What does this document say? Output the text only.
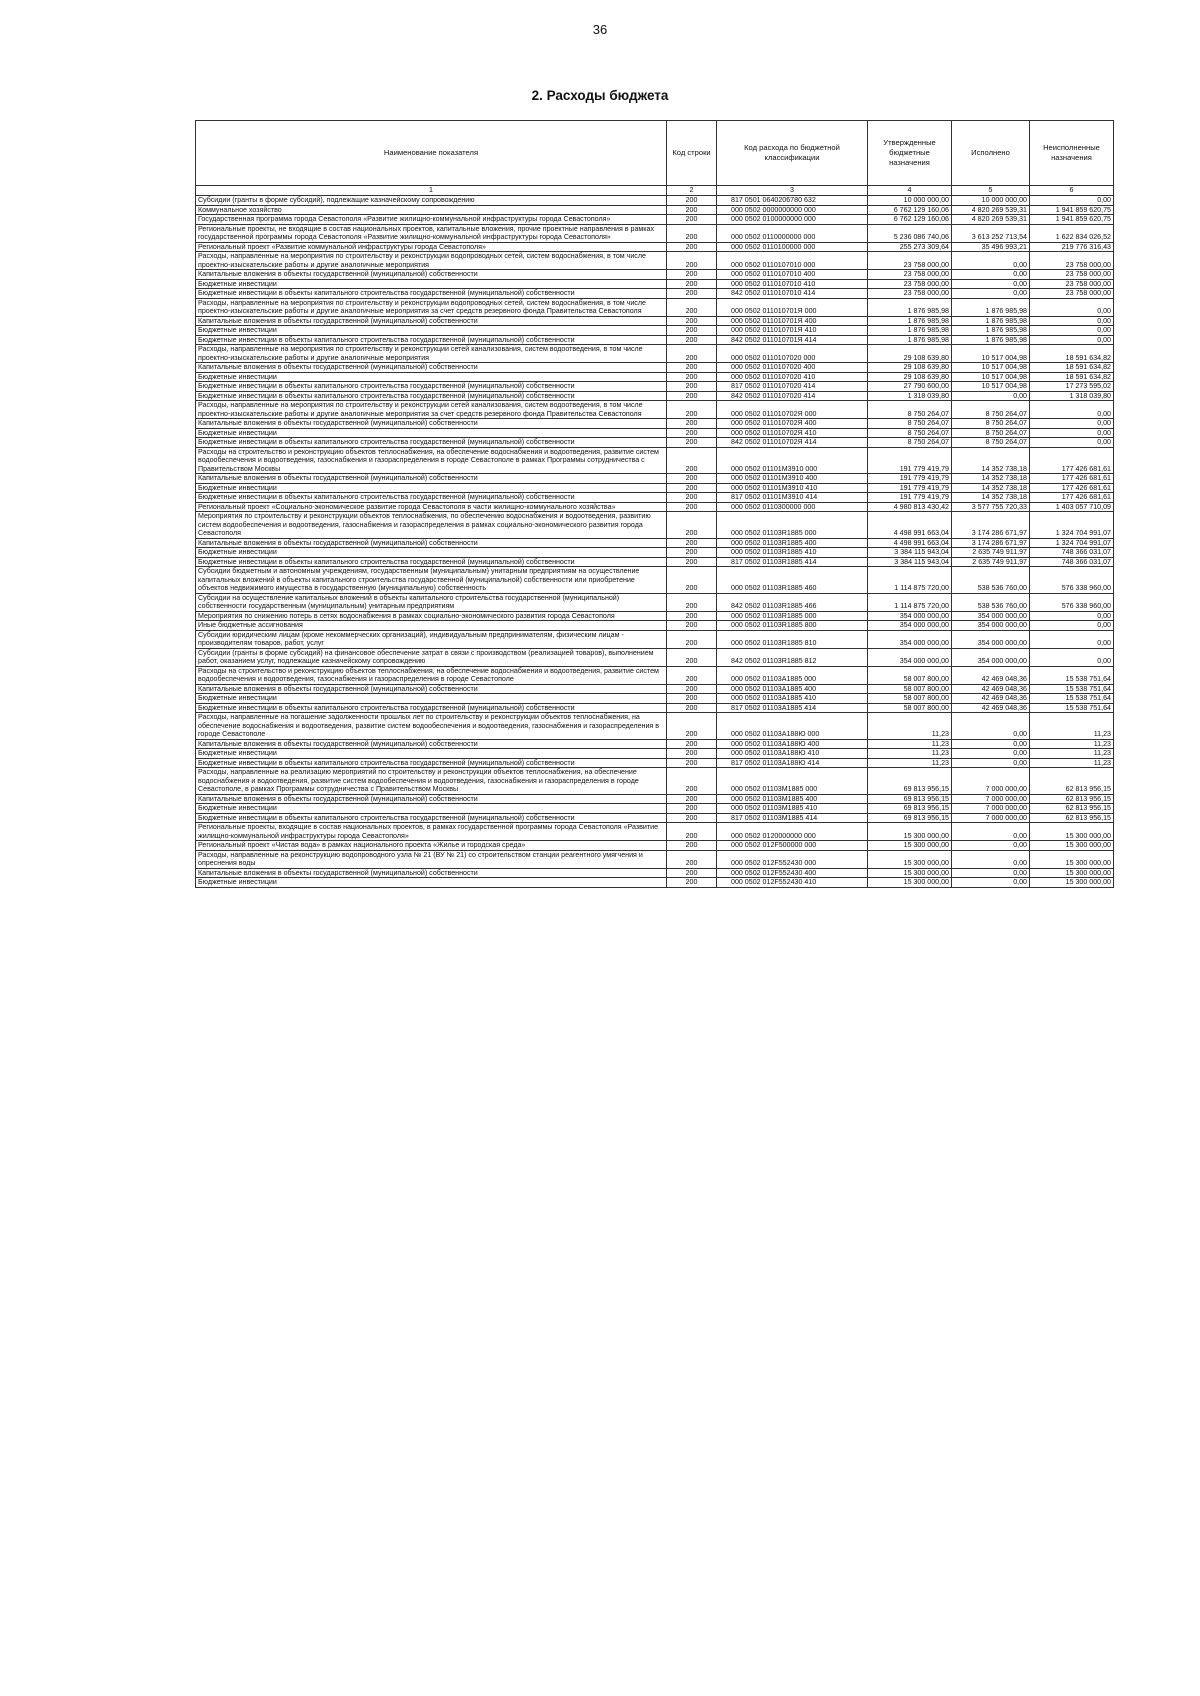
36
2. Расходы бюджета
Наименование показателя	Код строки	Код расхода по бюджетной классификации	Утвержденные бюджетные назначения	Исполнено	Неисполненные назначения
1	2	3	4	5	6
Субсидии (гранты в форме субсидий), подлежащие казначейскому сопровождению	200	817 0501 0640206780 632	10 000 000,00	10 000 000,00	0,00
Коммунальное хозяйство	200	000 0502 0000000000 000	6 762 129 160,06	4 820 269 539,31	1 941 859 620,75
Государственная программа города Севастополя «Развитие жилищно-коммунальной инфраструктуры города Севастополя»	200	000 0502 0100000000 000	6 762 129 160,06	4 820 269 539,31	1 941 859 620,75
Региональные проекты, не входящие в состав национальных проектов, капитальные вложения, прочие проектные направления в рамках государственной программы города Севастополя «Развитие жилищно-коммунальной инфраструктуры города Севастополя»	200	000 0502 0110000000 000	5 236 086 740,06	3 613 252 713,54	1 622 834 026,52
Региональный проект «Развитие коммунальной инфраструктуры города Севастополя»	200	000 0502 0110100000 000	255 273 309,64	35 496 993,21	219 776 316,43
Расходы, направленные на мероприятия по строительству и реконструкции водопроводных сетей, систем водоснабжения, в том числе проектно-изыскательские работы и другие аналогичные мероприятия	200	000 0502 0110107010 000	23 758 000,00	0,00	23 758 000,00
Капитальные вложения в объекты государственной (муниципальной) собственности	200	000 0502 0110107010 400	23 758 000,00	0,00	23 758 000,00
Бюджетные инвестиции	200	000 0502 0110107010 410	23 758 000,00	0,00	23 758 000,00
Бюджетные инвестиции в объекты капитального строительства государственной (муниципальной) собственности	200	842 0502 0110107010 414	23 758 000,00	0,00	23 758 000,00
Расходы, направленные на мероприятия по строительству и реконструкции водопроводных сетей, систем водоснабжения, в том числе проектно-изыскательские работы и другие аналогичные мероприятия за счет средств резервного фонда Правительства Севастополя	200	000 0502 011010701Я 000	1 876 985,98	1 876 985,98	0,00
Капитальные вложения в объекты государственной (муниципальной) собственности	200	000 0502 011010701Я 400	1 876 985,98	1 876 985,98	0,00
Бюджетные инвестиции	200	000 0502 011010701Я 410	1 876 985,98	1 876 985,98	0,00
Бюджетные инвестиции в объекты капитального строительства государственной (муниципальной) собственности	200	842 0502 011010701Я 414	1 876 985,98	1 876 985,98	0,00
Расходы, направленные на мероприятия по строительству и реконструкции сетей канализования, систем водоотведения, в том числе проектно-изыскательские работы и другие аналогичные мероприятия	200	000 0502 0110107020 000	29 108 639,80	10 517 004,98	18 591 634,82
Капитальные вложения в объекты государственной (муниципальной) собственности	200	000 0502 0110107020 400	29 108 639,80	10 517 004,98	18 591 634,82
Бюджетные инвестиции	200	000 0502 0110107020 410	29 108 639,80	10 517 004,98	18 591 634,82
Бюджетные инвестиции в объекты капитального строительства государственной (муниципальной) собственности	200	817 0502 0110107020 414	27 790 600,00	10 517 004,98	17 273 595,02
Бюджетные инвестиции в объекты капитального строительства государственной (муниципальной) собственности	200	842 0502 0110107020 414	1 318 039,80	0,00	1 318 039,80
Расходы, направленные на мероприятия по строительству и реконструкции сетей канализования, систем водоотведения, в том числе проектно-изыскательские работы и другие аналогичные мероприятия за счет средств резервного фонда Правительства Севастополя	200	000 0502 011010702Я 000	8 750 264,07	8 750 264,07	0,00
Капитальные вложения в объекты государственной (муниципальной) собственности	200	000 0502 011010702Я 400	8 750 264,07	8 750 264,07	0,00
Бюджетные инвестиции	200	000 0502 011010702Я 410	8 750 264,07	8 750 264,07	0,00
Бюджетные инвестиции в объекты капитального строительства государственной (муниципальной) собственности	200	842 0502 011010702Я 414	8 750 264,07	8 750 264,07	0,00
Расходы на строительство и реконструкцию объектов теплоснабжения, на обеспечение водоснабжения и водоотведения, развитие систем водообеспечения и водоотведения, газоснабжения и газораспределения в городе Севастополе в рамках Программы сотрудничества с Правительством Москвы	200	000 0502 01101М3910 000	191 779 419,79	14 352 738,18	177 426 681,61
Капитальные вложения в объекты государственной (муниципальной) собственности	200	000 0502 01101М3910 400	191 779 419,79	14 352 738,18	177 426 681,61
Бюджетные инвестиции	200	000 0502 01101М3910 410	191 779 419,79	14 352 738,18	177 426 681,61
Бюджетные инвестиции в объекты капитального строительства государственной (муниципальной) собственности	200	817 0502 01101М3910 414	191 779 419,79	14 352 738,18	177 426 681,61
Региональный проект «Социально-экономическое развитие города Севастополя в части жилищно-коммунального хозяйства»	200	000 0502 0110300000 000	4 980 813 430,42	3 577 755 720,33	1 403 057 710,09
Мероприятия по строительству и реконструкции объектов теплоснабжения, по обеспечению водоснабжения и водоотведения, развитию систем водообеспечения и водоотведения, газоснабжения и газораспределения в рамках социально-экономического развития города Севастополя	200	000 0502 01103R1885 000	4 498 991 663,04	3 174 286 671,97	1 324 704 991,07
Капитальные вложения в объекты государственной (муниципальной) собственности	200	000 0502 01103R1885 400	4 498 991 663,04	3 174 286 671,97	1 324 704 991,07
Бюджетные инвестиции	200	000 0502 01103R1885 410	3 384 115 943,04	2 635 749 911,97	748 366 031,07
Бюджетные инвестиции в объекты капитального строительства государственной (муниципальной) собственности	200	817 0502 01103R1885 414	3 384 115 943,04	2 635 749 911,97	748 366 031,07
Субсидии бюджетным и автономным учреждениям, государственным (муниципальным) унитарным предприятиям на осуществление капитальных вложений в объекты капитального строительства государственной (муниципальной) собственности или приобретение объектов недвижимого имущества в государственную (муниципальную) собственность	200	000 0502 01103R1885 460	1 114 875 720,00	538 536 760,00	576 338 960,00
Субсидии на осуществление капитальных вложений в объекты капитального строительства государственной (муниципальной) собственности государственным (муниципальным) унитарным предприятиям	200	842 0502 01103R1885 466	1 114 875 720,00	538 536 760,00	576 338 960,00
Мероприятия по снижению потерь в сетях водоснабжения в рамках социально-экономического развития города Севастополя	200	000 0502 01103R1885 000	354 000 000,00	354 000 000,00	0,00
Иные бюджетные ассигнования	200	000 0502 01103R1885 800	354 000 000,00	354 000 000,00	0,00
Субсидии юридическим лицам (кроме некоммерческих организаций), индивидуальным предпринимателям, физическим лицам - производителям товаров, работ, услуг	200	000 0502 01103R1885 810	354 000 000,00	354 000 000,00	0,00
Субсидии (гранты в форме субсидий) на финансовое обеспечение затрат в связи с производством (реализацией товаров), выполнением работ, оказанием услуг, подлежащие казначейскому сопровождению	200	842 0502 01103R1885 812	354 000 000,00	354 000 000,00	0,00
Расходы на строительство и реконструкцию объектов теплоснабжения, на обеспечение водоснабжения и водоотведения, развитие систем водообеспечения и водоотведения, газоснабжения и газораспределения в городе Севастополе	200	000 0502 01103A1885 000	58 007 800,00	42 469 048,36	15 538 751,64
Капитальные вложения в объекты государственной (муниципальной) собственности	200	000 0502 01103A1885 400	58 007 800,00	42 469 048,36	15 538 751,64
Бюджетные инвестиции	200	000 0502 01103A1885 410	58 007 800,00	42 469 048,36	15 538 751,64
Бюджетные инвестиции в объекты капитального строительства государственной (муниципальной) собственности	200	817 0502 01103A1885 414	58 007 800,00	42 469 048,36	15 538 751,64
Расходы, направленные на погашение задолженности прошлых лет по строительству и реконструкции объектов теплоснабжения, на обеспечение водоснабжения и водоотведения, развитие систем водообеспечения и водоотведения, газоснабжения и газораспределения в городе Севастополе	200	000 0502 01103A188Ю 000	11,23	0,00	11,23
Капитальные вложения в объекты государственной (муниципальной) собственности	200	000 0502 01103A188Ю 400	11,23	0,00	11,23
Бюджетные инвестиции	200	000 0502 01103A188Ю 410	11,23	0,00	11,23
Бюджетные инвестиции в объекты капитального строительства государственной (муниципальной) собственности	200	817 0502 01103A188Ю 414	11,23	0,00	11,23
Расходы, направленные на реализацию мероприятий по строительству и реконструкции объектов теплоснабжения, на обеспечение водоснабжения и водоотведения, развитие систем водообеспечения и водоотведения, газоснабжения и газораспределения в городе Севастополе, в рамках Программы сотрудничества с Правительством Москвы	200	000 0502 01103M1885 000	69 813 956,15	7 000 000,00	62 813 956,15
Капитальные вложения в объекты государственной (муниципальной) собственности	200	000 0502 01103M1885 400	69 813 956,15	7 000 000,00	62 813 956,15
Бюджетные инвестиции	200	000 0502 01103M1885 410	69 813 956,15	7 000 000,00	62 813 956,15
Бюджетные инвестиции в объекты капитального строительства государственной (муниципальной) собственности	200	817 0502 01103M1885 414	69 813 956,15	7 000 000,00	62 813 956,15
Региональные проекты, входящие в состав национальных проектов, в рамках государственной программы города Севастополя «Развитие жилищно-коммунальной инфраструктуры города Севастополя»	200	000 0502 0120000000 000	15 300 000,00	0,00	15 300 000,00
Региональный проект «Чистая вода» в рамках национального проекта «Жилье и городская среда»	200	000 0502 012F500000 000	15 300 000,00	0,00	15 300 000,00
Расходы, направленные на реконструкцию водопроводного узла № 21 (ВУ № 21) со строительством станции реагентного умягчения и опреснения воды	200	000 0502 012F552430 000	15 300 000,00	0,00	15 300 000,00
Капитальные вложения в объекты государственной (муниципальной) собственности	200	000 0502 012F552430 400	15 300 000,00	0,00	15 300 000,00
Бюджетные инвестиции	200	000 0502 012F552430 410	15 300 000,00	0,00	15 300 000,00
